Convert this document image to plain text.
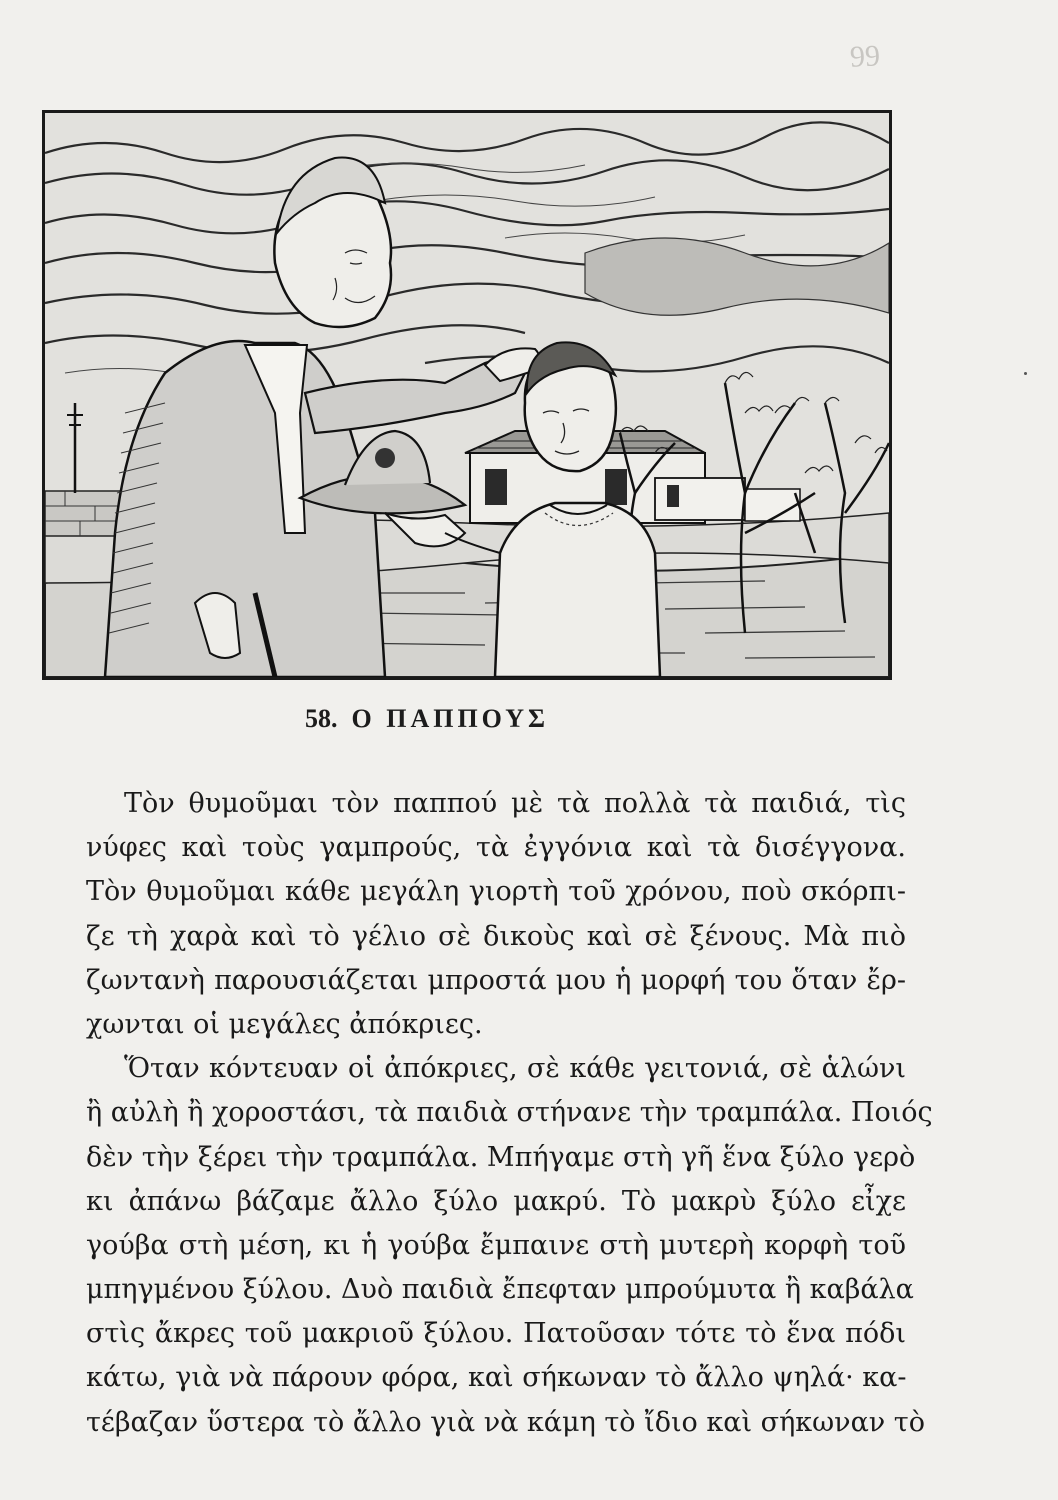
99
58. Ο ΠΑΠΠΟΥΣ
Τὸν θυμοῦμαι τὸν παππού μὲ τὰ πολλὰ τὰ παιδιά, τὶς
νύφες καὶ τοὺς γαμπρούς, τὰ ἐγγόνια καὶ τὰ δισέγγονα.
Τὸν θυμοῦμαι κάθε μεγάλη γιορτὴ τοῦ χρόνου, ποὺ σκόρπι-
ζε τὴ χαρὰ καὶ τὸ γέλιο σὲ δικοὺς καὶ σὲ ξένους. Μὰ πιὸ
ζωντανὴ παρουσιάζεται μπροστά μου ἡ μορφή του ὅταν ἔρ-
χωνται οἱ μεγάλες ἀπόκριες.
Ὅταν κόντευαν οἱ ἀπόκριες, σὲ κάθε γειτονιά, σὲ ἁλώνι
ἢ αὐλὴ ἢ χοροστάσι, τὰ παιδιὰ στήνανε τὴν τραμπάλα. Ποιός
δὲν τὴν ξέρει τὴν τραμπάλα. Μπήγαμε στὴ γῆ ἕνα ξύλο γερὸ
κι ἀπάνω βάζαμε ἄλλο ξύλο μακρύ. Τὸ μακρὺ ξύλο εἶχε
γούβα στὴ μέση, κι ἡ γούβα ἔμπαινε στὴ μυτερὴ κορφὴ τοῦ
μπηγμένου ξύλου. Δυὸ παιδιὰ ἔπεφταν μπρούμυτα ἢ καβάλα
στὶς ἄκρες τοῦ μακριοῦ ξύλου. Πατοῦσαν τότε τὸ ἕνα πόδι
κάτω, γιὰ νὰ πάρουν φόρα, καὶ σήκωναν τὸ ἄλλο ψηλά· κα-
τέβαζαν ὕστερα τὸ ἄλλο γιὰ νὰ κάμη τὸ ἴδιο καὶ σήκωναν τὸ
